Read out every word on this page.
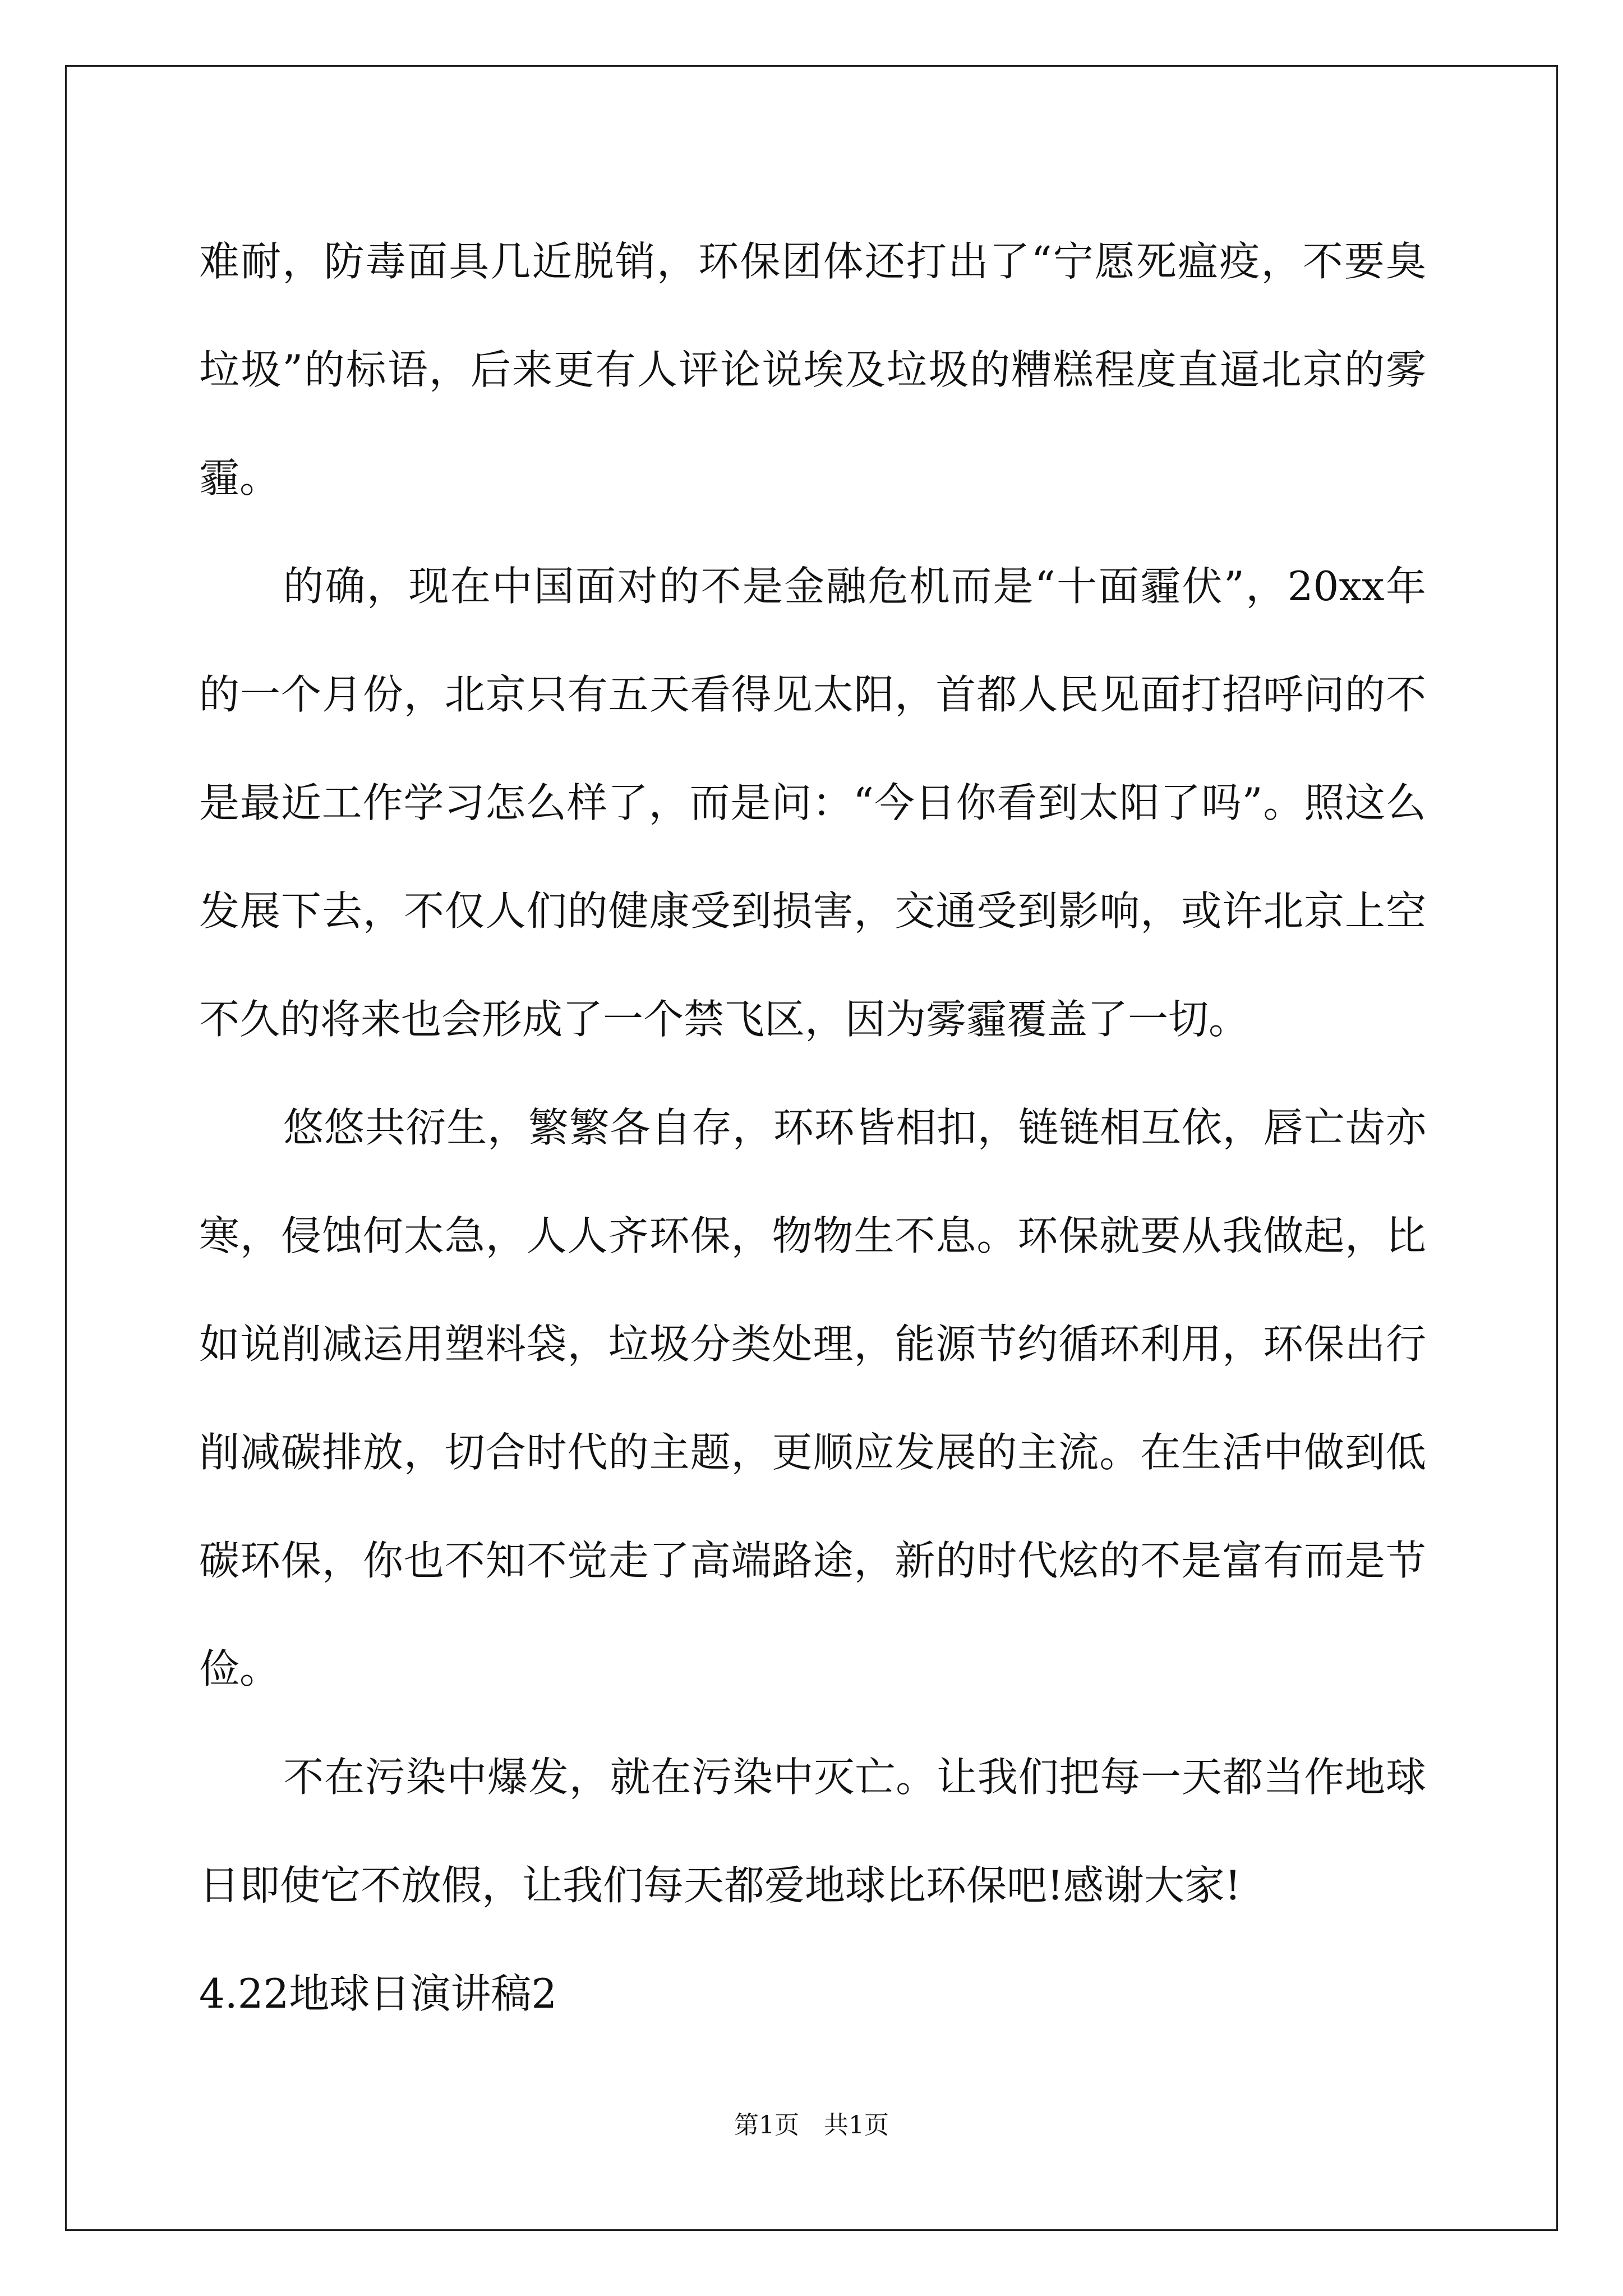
难耐，防毒面具几近脱销，环保团体还打出了“宁愿死瘟疫，不要臭
垃圾”的标语，后来更有人评论说埃及垃圾的糟糕程度直逼北京的雾
霾。
的确，现在中国面对的不是金融危机而是“十面霾伏”，20xx年
的一个月份，北京只有五天看得见太阳，首都人民见面打招呼问的不
是最近工作学习怎么样了，而是问：“今日你看到太阳了吗”。照这么
发展下去，不仅人们的健康受到损害，交通受到影响，或许北京上空
不久的将来也会形成了一个禁飞区，因为雾霾覆盖了一切。
悠悠共衍生，繁繁各自存，环环皆相扣，链链相互依，唇亡齿亦
寒，侵蚀何太急，人人齐环保，物物生不息。环保就要从我做起，比
如说削减运用塑料袋，垃圾分类处理，能源节约循环利用，环保出行
削减碳排放，切合时代的主题，更顺应发展的主流。在生活中做到低
碳环保，你也不知不觉走了高端路途，新的时代炫的不是富有而是节
俭。
不在污染中爆发，就在污染中灭亡。让我们把每一天都当作地球
日即使它不放假，让我们每天都爱地球比环保吧!感谢大家!
4.22地球日演讲稿2
第1页　共1页
